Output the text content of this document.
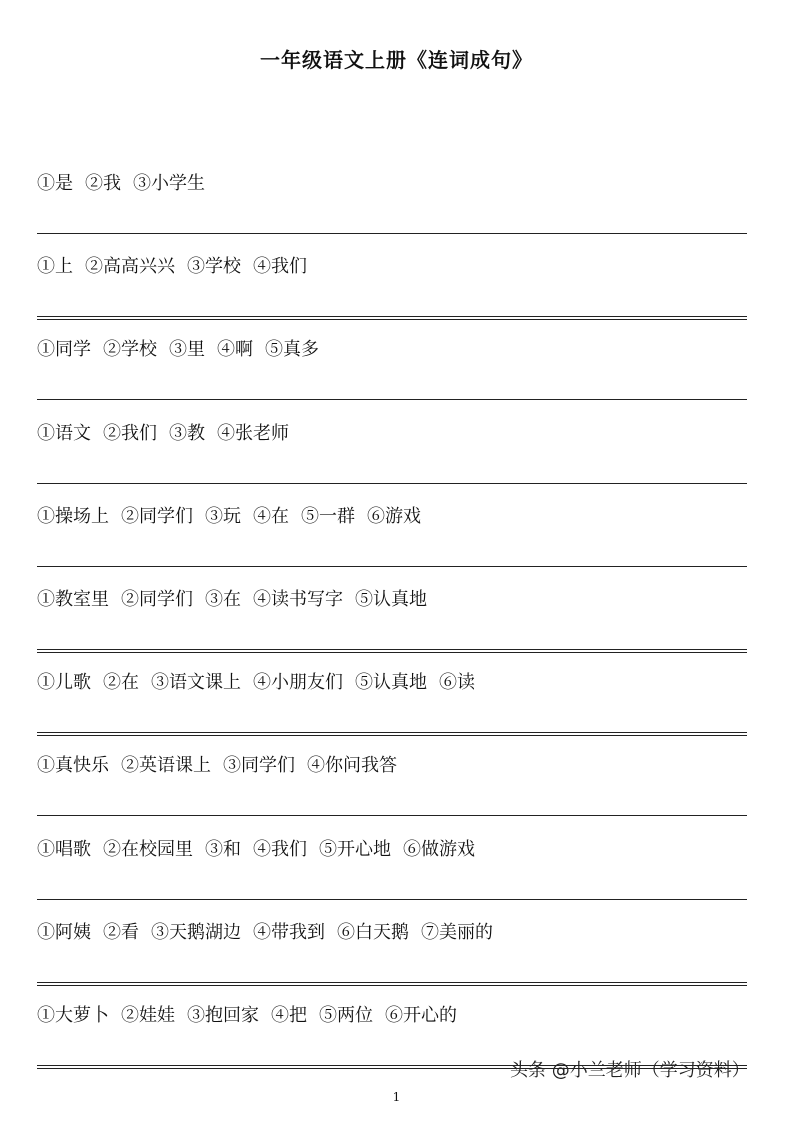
一年级语文上册《连词成句》
①是 ②我 ③小学生
①上 ②高高兴兴 ③学校 ④我们
①同学 ②学校 ③里 ④啊 ⑤真多
①语文 ②我们 ③教 ④张老师
①操场上 ②同学们 ③玩 ④在 ⑤一群 ⑥游戏
①教室里 ②同学们 ③在 ④读书写字 ⑤认真地
①儿歌 ②在 ③语文课上 ④小朋友们 ⑤认真地 ⑥读
①真快乐 ②英语课上 ③同学们 ④你问我答
①唱歌 ②在校园里 ③和 ④我们 ⑤开心地 ⑥做游戏
①阿姨 ②看 ③天鹅湖边 ④带我到 ⑥白天鹅 ⑦美丽的
①大萝卜 ②娃娃 ③抱回家 ④把 ⑤两位 ⑥开心的
1
头条 @小兰老师（学习资料）
